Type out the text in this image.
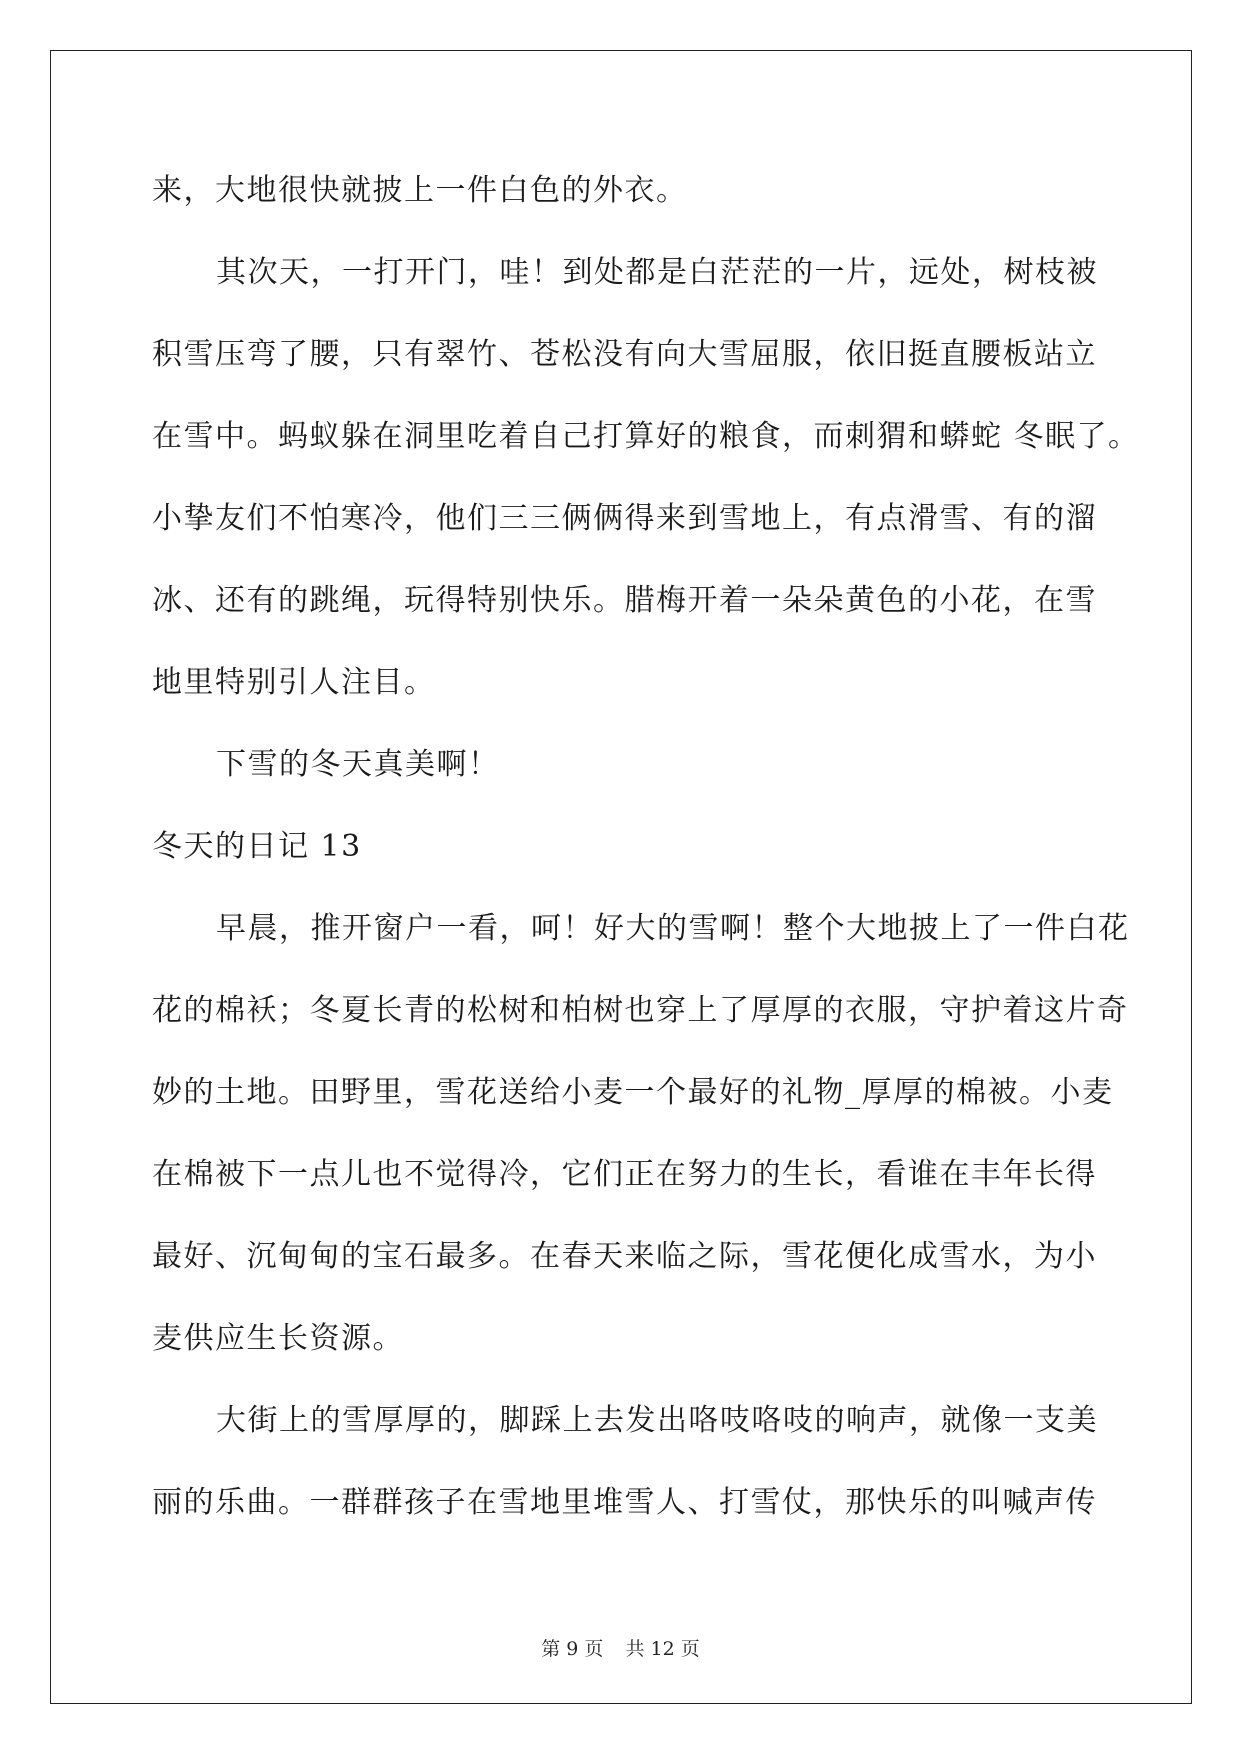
来，大地很快就披上一件白色的外衣。
其次天，一打开门，哇！到处都是白茫茫的一片，远处，树枝被
积雪压弯了腰，只有翠竹、苍松没有向大雪屈服，依旧挺直腰板站立
在雪中。蚂蚁躲在洞里吃着自己打算好的粮食，而刺猬和蟒蛇 冬眠了。
小挚友们不怕寒冷，他们三三俩俩得来到雪地上，有点滑雪、有的溜
冰、还有的跳绳，玩得特别快乐。腊梅开着一朵朵黄色的小花，在雪
地里特别引人注目。
下雪的冬天真美啊！
冬天的日记 13
早晨，推开窗户一看，呵！好大的雪啊！整个大地披上了一件白花
花的棉袄；冬夏长青的松树和柏树也穿上了厚厚的衣服，守护着这片奇
妙的土地。田野里，雪花送给小麦一个最好的礼物_厚厚的棉被。小麦
在棉被下一点儿也不觉得冷，它们正在努力的生长，看谁在丰年长得
最好、沉甸甸的宝石最多。在春天来临之际，雪花便化成雪水，为小
麦供应生长资源。
大街上的雪厚厚的，脚踩上去发出咯吱咯吱的响声，就像一支美
丽的乐曲。一群群孩子在雪地里堆雪人、打雪仗，那快乐的叫喊声传
第 9 页 共 12 页
